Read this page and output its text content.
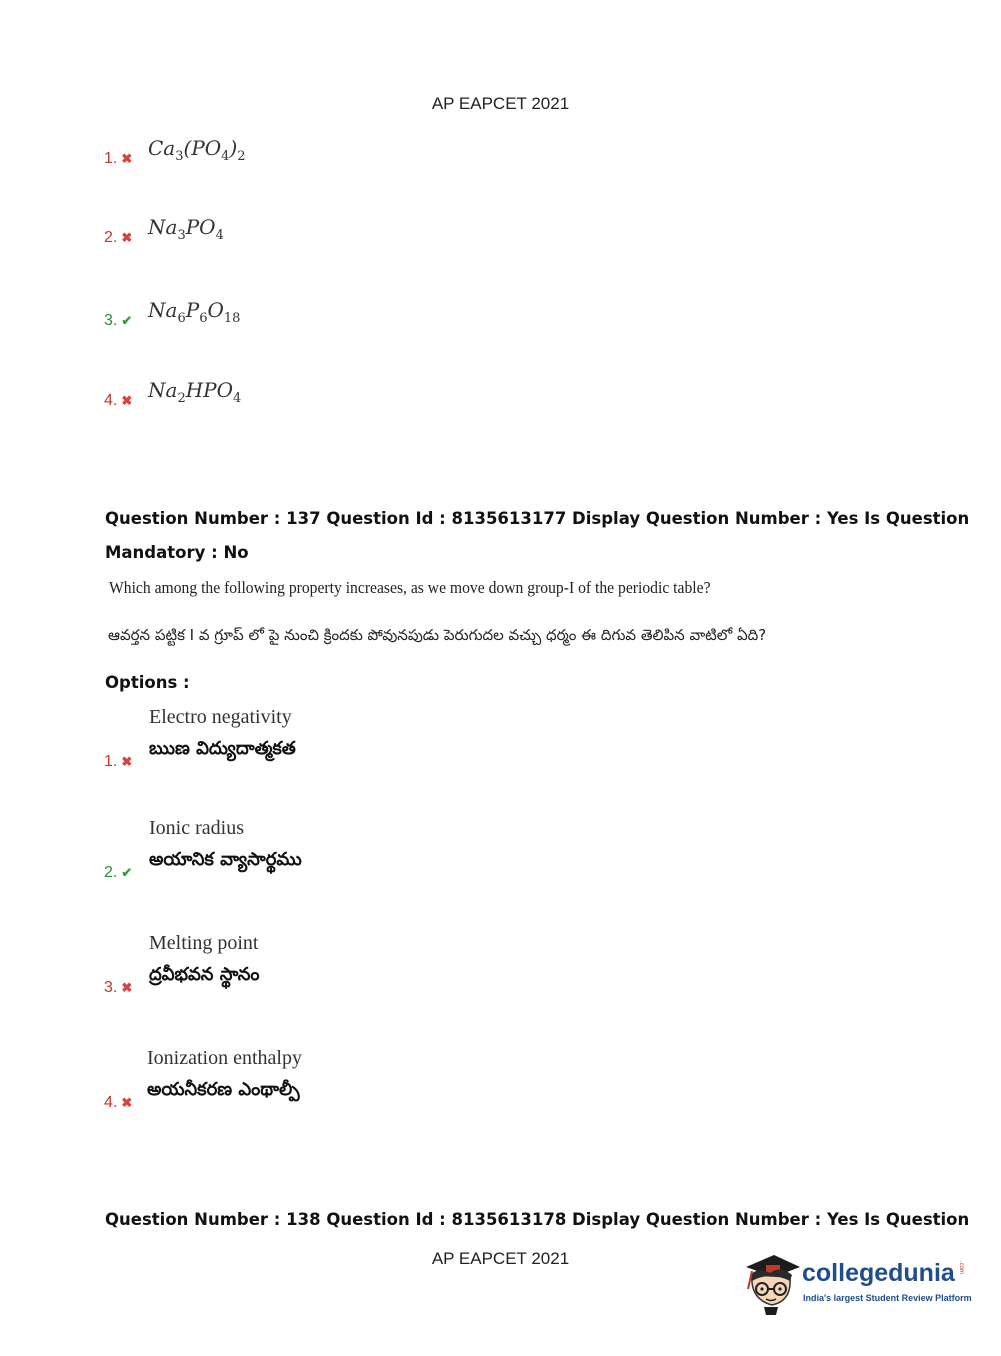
AP EAPCET 2021
1. ✖ $Ca_3(PO_4)_2$
2. ✖ $Na_3PO_4$
3. ✔ $Na_6P_6O_{18}$
4. ✖ $Na_2HPO_4$
Question Number : 137 Question Id : 8135613177 Display Question Number : Yes Is Question
Mandatory : No
Which among the following property increases, as we move down group-I of the periodic table?
ఆవర్తన పట్టిక I వ గ్రూప్ లో పై నుంచి క్రిందకు పోవునపుడు పెరుగుదల వచ్చు ధర్మం ఈ దిగువ తెలిపిన వాటిలో ఏది?
Options :
Electro negativity
ఋణ విద్యుదాత్మకత
1. ✖
Ionic radius
అయానిక వ్యాసార్థము
2. ✔
Melting point
ద్రవీభవన స్థానం
3. ✖
Ionization enthalpy
అయనీకరణ ఎంథాల్పీ
4. ✖
Question Number : 138 Question Id : 8135613178 Display Question Number : Yes Is Question
AP EAPCET 2021
collegedunia .com
India's largest Student Review Platform
